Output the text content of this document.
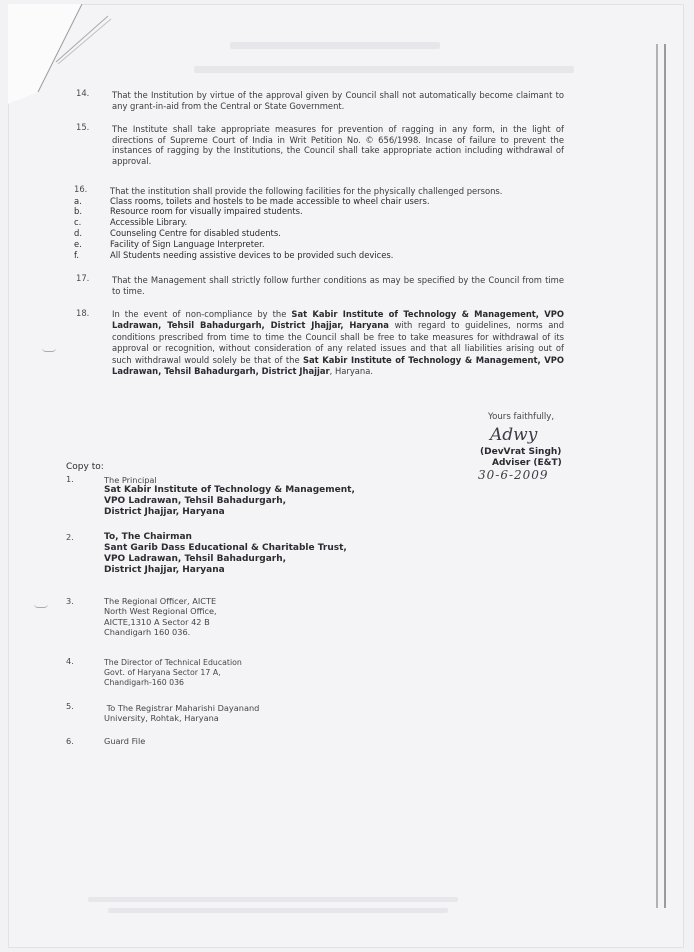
14.	That the Institution by virtue of the approval given by Council shall not automatically become claimant to any grant-in-aid from the Central or State Government.
15.	The Institute shall take appropriate measures for prevention of ragging in any form, in the light of directions of Supreme Court of India in Writ Petition No. © 656/1998. Incase of failure to prevent the instances of ragging by the Institutions, the Council shall take appropriate action including withdrawal of approval.
16.	That the institution shall provide the following facilities for the physically challenged persons.
a.	Class rooms, toilets and hostels to be made accessible to wheel chair users.
b.	Resource room for visually impaired students.
c.	Accessible Library.
d.	Counseling Centre for disabled students.
e.	Facility of Sign Language Interpreter.
f.	All Students needing assistive devices to be provided such devices.
17.	That the Management shall strictly follow further conditions as may be specified by the Council from time to time.
18.	In the event of non-compliance by the Sat Kabir Institute of Technology & Management, VPO Ladrawan, Tehsil Bahadurgarh, District Jhajjar, Haryana with regard to guidelines, norms and conditions prescribed from time to time the Council shall be free to take measures for withdrawal of its approval or recognition, without consideration of any related issues and that all liabilities arising out of such withdrawal would solely be that of the Sat Kabir Institute of Technology & Management, VPO Ladrawan, Tehsil Bahadurgarh, District Jhajjar, Haryana.
Yours faithfully,
Adwy
(DevVrat Singh)
Adviser (E&T)
30-6-2009
Copy to:
1.	The Principal
Sat Kabir Institute of Technology & Management,
VPO Ladrawan, Tehsil Bahadurgarh,
District Jhajjar, Haryana
2.	To, The Chairman
Sant Garib Dass Educational & Charitable Trust,
VPO Ladrawan, Tehsil Bahadurgarh,
District Jhajjar, Haryana
3.	The Regional Officer, AICTE
North West Regional Office,
AICTE,1310 A Sector 42 B
Chandigarh 160 036.
4.	The Director of Technical Education
Govt. of Haryana Sector 17 A,
Chandigarh-160 036
5.	To The Registrar Maharishi Dayanand
University, Rohtak, Haryana
6.	Guard File
